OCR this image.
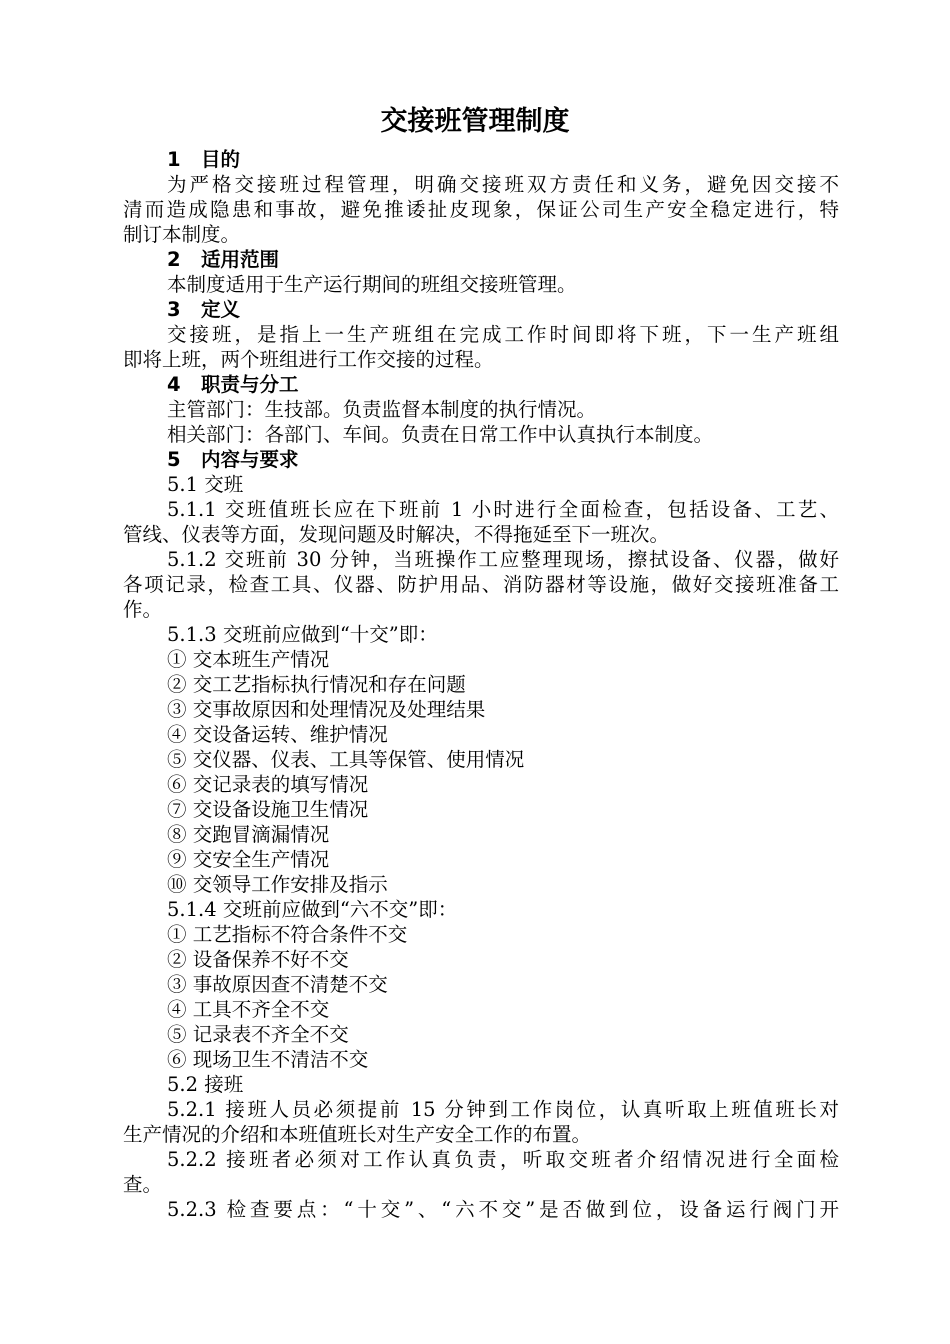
交接班管理制度
1 目的
为严格交接班过程管理，明确交接班双方责任和义务，避免因交接不
清而造成隐患和事故，避免推诿扯皮现象，保证公司生产安全稳定进行，特
制订本制度。
2 适用范围
本制度适用于生产运行期间的班组交接班管理。
3 定义
交接班，是指上一生产班组在完成工作时间即将下班，下一生产班组
即将上班，两个班组进行工作交接的过程。
4 职责与分工
主管部门：生技部。负责监督本制度的执行情况。
相关部门：各部门、车间。负责在日常工作中认真执行本制度。
5 内容与要求
5.1 交班
5.1.1 交班值班长应在下班前 1 小时进行全面检查，包括设备、工艺、
管线、仪表等方面，发现问题及时解决，不得拖延至下一班次。
5.1.2 交班前 30 分钟，当班操作工应整理现场，擦拭设备、仪器，做好
各项记录，检查工具、仪器、防护用品、消防器材等设施，做好交接班准备工
作。
5.1.3 交班前应做到“十交”即：
① 交本班生产情况
② 交工艺指标执行情况和存在问题
③ 交事故原因和处理情况及处理结果
④ 交设备运转、维护情况
⑤ 交仪器、仪表、工具等保管、使用情况
⑥ 交记录表的填写情况
⑦ 交设备设施卫生情况
⑧ 交跑冒滴漏情况
⑨ 交安全生产情况
⑩ 交领导工作安排及指示
5.1.4 交班前应做到“六不交”即：
① 工艺指标不符合条件不交
② 设备保养不好不交
③ 事故原因查不清楚不交
④ 工具不齐全不交
⑤ 记录表不齐全不交
⑥ 现场卫生不清洁不交
5.2 接班
5.2.1 接班人员必须提前 15 分钟到工作岗位，认真听取上班值班长对
生产情况的介绍和本班值班长对生产安全工作的布置。
5.2.2 接班者必须对工作认真负责，听取交班者介绍情况进行全面检
查。
5.2.3 检查要点：“十交”、“六不交”是否做到位，设备运行阀门开
